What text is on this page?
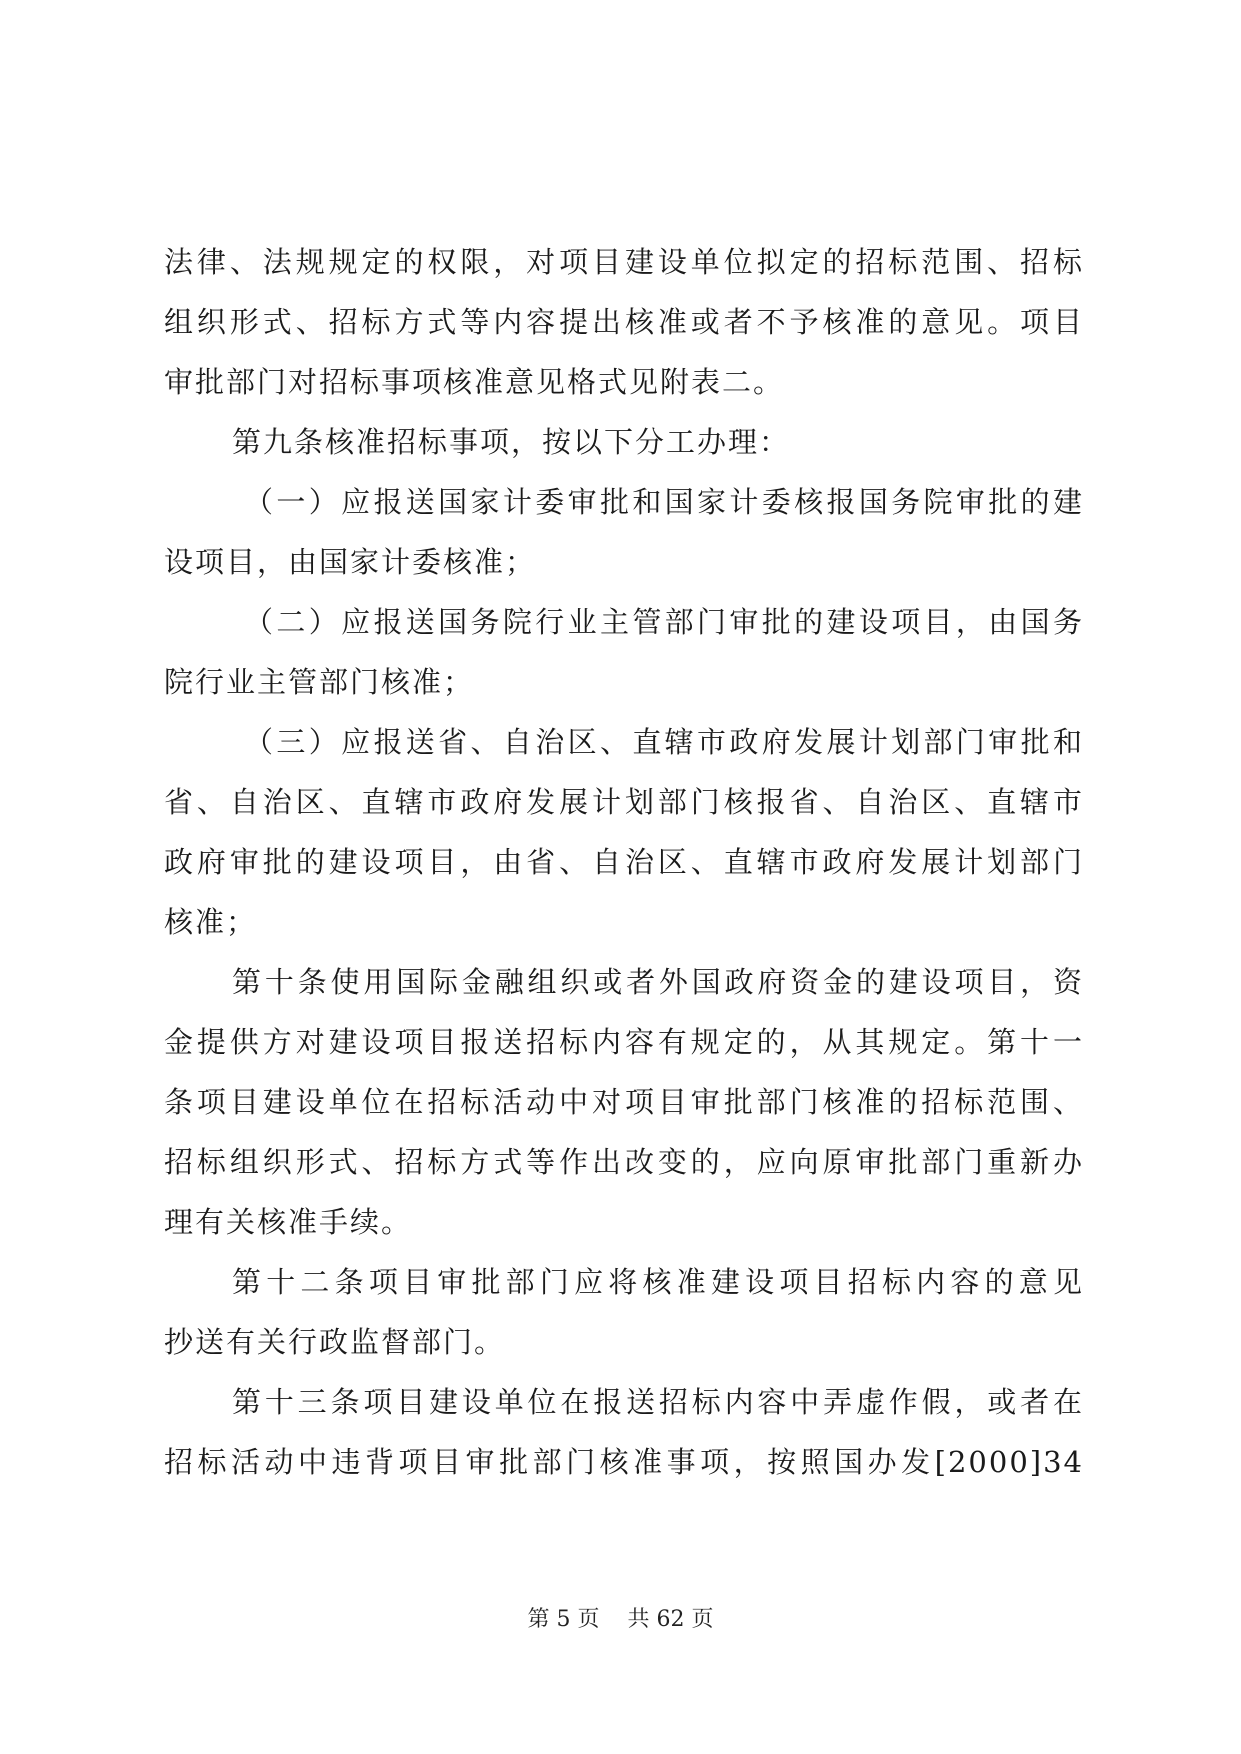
法律、法规规定的权限，对项目建设单位拟定的招标范围、招标
组织形式、招标方式等内容提出核准或者不予核准的意见。项目
审批部门对招标事项核准意见格式见附表二。
第九条核准招标事项，按以下分工办理：
（一）应报送国家计委审批和国家计委核报国务院审批的建
设项目，由国家计委核准；
（二）应报送国务院行业主管部门审批的建设项目，由国务
院行业主管部门核准；
（三）应报送省、自治区、直辖市政府发展计划部门审批和
省、自治区、直辖市政府发展计划部门核报省、自治区、直辖市
政府审批的建设项目，由省、自治区、直辖市政府发展计划部门
核准；
第十条使用国际金融组织或者外国政府资金的建设项目，资
金提供方对建设项目报送招标内容有规定的，从其规定。第十一
条项目建设单位在招标活动中对项目审批部门核准的招标范围、
招标组织形式、招标方式等作出改变的，应向原审批部门重新办
理有关核准手续。
第十二条项目审批部门应将核准建设项目招标内容的意见
抄送有关行政监督部门。
第十三条项目建设单位在报送招标内容中弄虚作假，或者在
招标活动中违背项目审批部门核准事项，按照国办发[2000]34
第 5 页 共 62 页
